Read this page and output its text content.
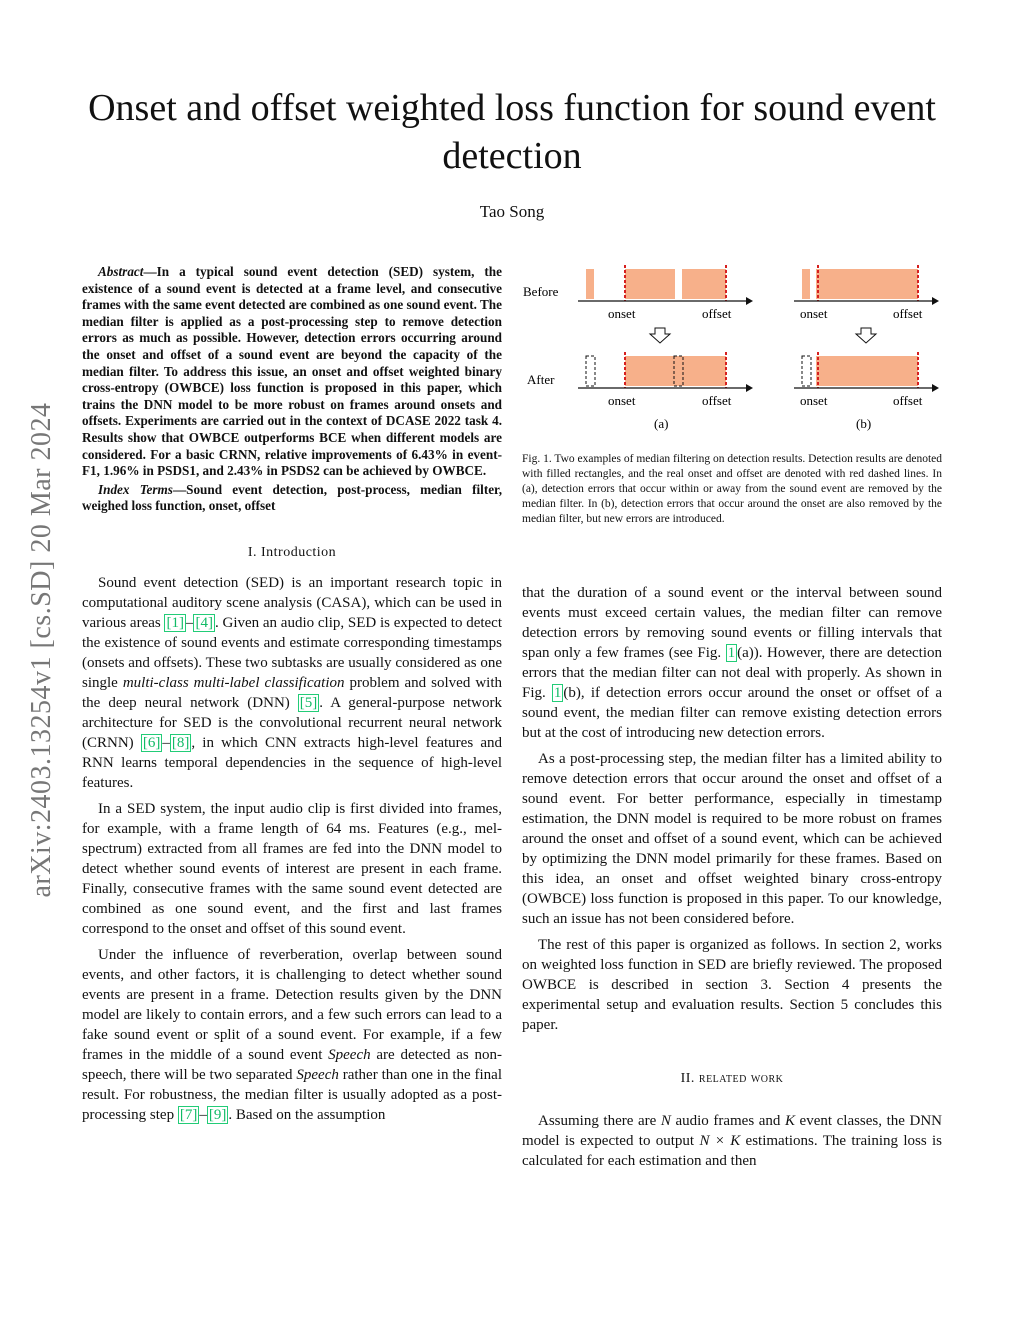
arXiv:2403.13254v1 [cs.SD] 20 Mar 2024
Onset and offset weighted loss function for sound event detection
Tao Song

Abstract—In a typical sound event detection (SED) system, the existence of a sound event is detected at a frame level, and consecutive frames with the same event detected are combined as one sound event. The median filter is applied as a post-processing step to remove detection errors as much as possible. However, detection errors occurring around the onset and offset of a sound event are beyond the capacity of the median filter. To address this issue, an onset and offset weighted binary cross-entropy (OWBCE) loss function is proposed in this paper, which trains the DNN model to be more robust on frames around onsets and offsets. Experiments are carried out in the context of DCASE 2022 task 4. Results show that OWBCE outperforms BCE when different models are considered. For a basic CRNN, relative improvements of 6.43% in event-F1, 1.96% in PSDS1, and 2.43% in PSDS2 can be achieved by OWBCE.

Index Terms—Sound event detection, post-process, median filter, weighed loss function, onset, offset

I. Introduction

Sound event detection (SED) is an important research topic in computational auditory scene analysis (CASA), which can be used in various areas [1] – [4] . Given an audio clip, SED is expected to detect the existence of sound events and estimate corresponding timestamps (onsets and offsets). These two subtasks are usually considered as one single multi-class multi-label classification problem and solved with the deep neural network (DNN) [5] . A general-purpose network architecture for SED is the convolutional recurrent neural network (CRNN) [6] – [8] , in which CNN extracts high-level features and RNN learns temporal dependencies in the sequence of high-level features.

In a SED system, the input audio clip is first divided into frames, for example, with a frame length of 64 ms. Features (e.g., mel-spectrum) extracted from all frames are fed into the DNN model to detect whether sound events of interest are present in each frame. Finally, consecutive frames with the same sound event detected are combined as one sound event, and the first and last frames correspond to the onset and offset of this sound event.

Under the influence of reverberation, overlap between sound events, and other factors, it is challenging to detect whether sound events are present in a frame. Detection results given by the DNN model are likely to contain errors, and a few such errors can lead to a fake sound event or split of a sound event. For example, if a few frames in the middle of a sound event Speech are detected as non-speech, there will be two separated Speech rather than one in the final result. For robustness, the median filter is usually adopted as a post-processing step [7] – [9] . Based on the assumption

Before
After
onset	offset
onset	offset
(a)
onset	offset
onset	offset
(b)
Fig. 1. Two examples of median filtering on detection results. Detection results are denoted with filled rectangles, and the real onset and offset are denoted with red dashed lines. In (a), detection errors that occur within or away from the sound event are removed by the median filter. In (b), detection errors that occur around the onset are also removed by the median filter, but new errors are introduced.

that the duration of a sound event or the interval between sound events must exceed certain values, the median filter can remove detection errors by removing sound events or filling intervals that span only a few frames (see Fig. 1 (a)). However, there are detection errors that the median filter can not deal with properly. As shown in Fig. 1 (b), if detection errors occur around the onset or offset of a sound event, the median filter can remove existing detection errors but at the cost of introducing new detection errors.

As a post-processing step, the median filter has a limited ability to remove detection errors that occur around the onset and offset of a sound event. For better performance, especially in timestamp estimation, the DNN model is required to be more robust on frames around the onset and offset of a sound event, which can be achieved by optimizing the DNN model primarily for these frames. Based on this idea, an onset and offset weighted binary cross-entropy (OWBCE) loss function is proposed in this paper. To our knowledge, such an issue has not been considered before.

The rest of this paper is organized as follows. In section 2, works on weighted loss function in SED are briefly reviewed. The proposed OWBCE is described in section 3. Section 4 presents the experimental setup and evaluation results. Section 5 concludes this paper.

II. related work

Assuming there are N audio frames and K event classes, the DNN model is expected to output N × K estimations. The training loss is calculated for each estimation and then
